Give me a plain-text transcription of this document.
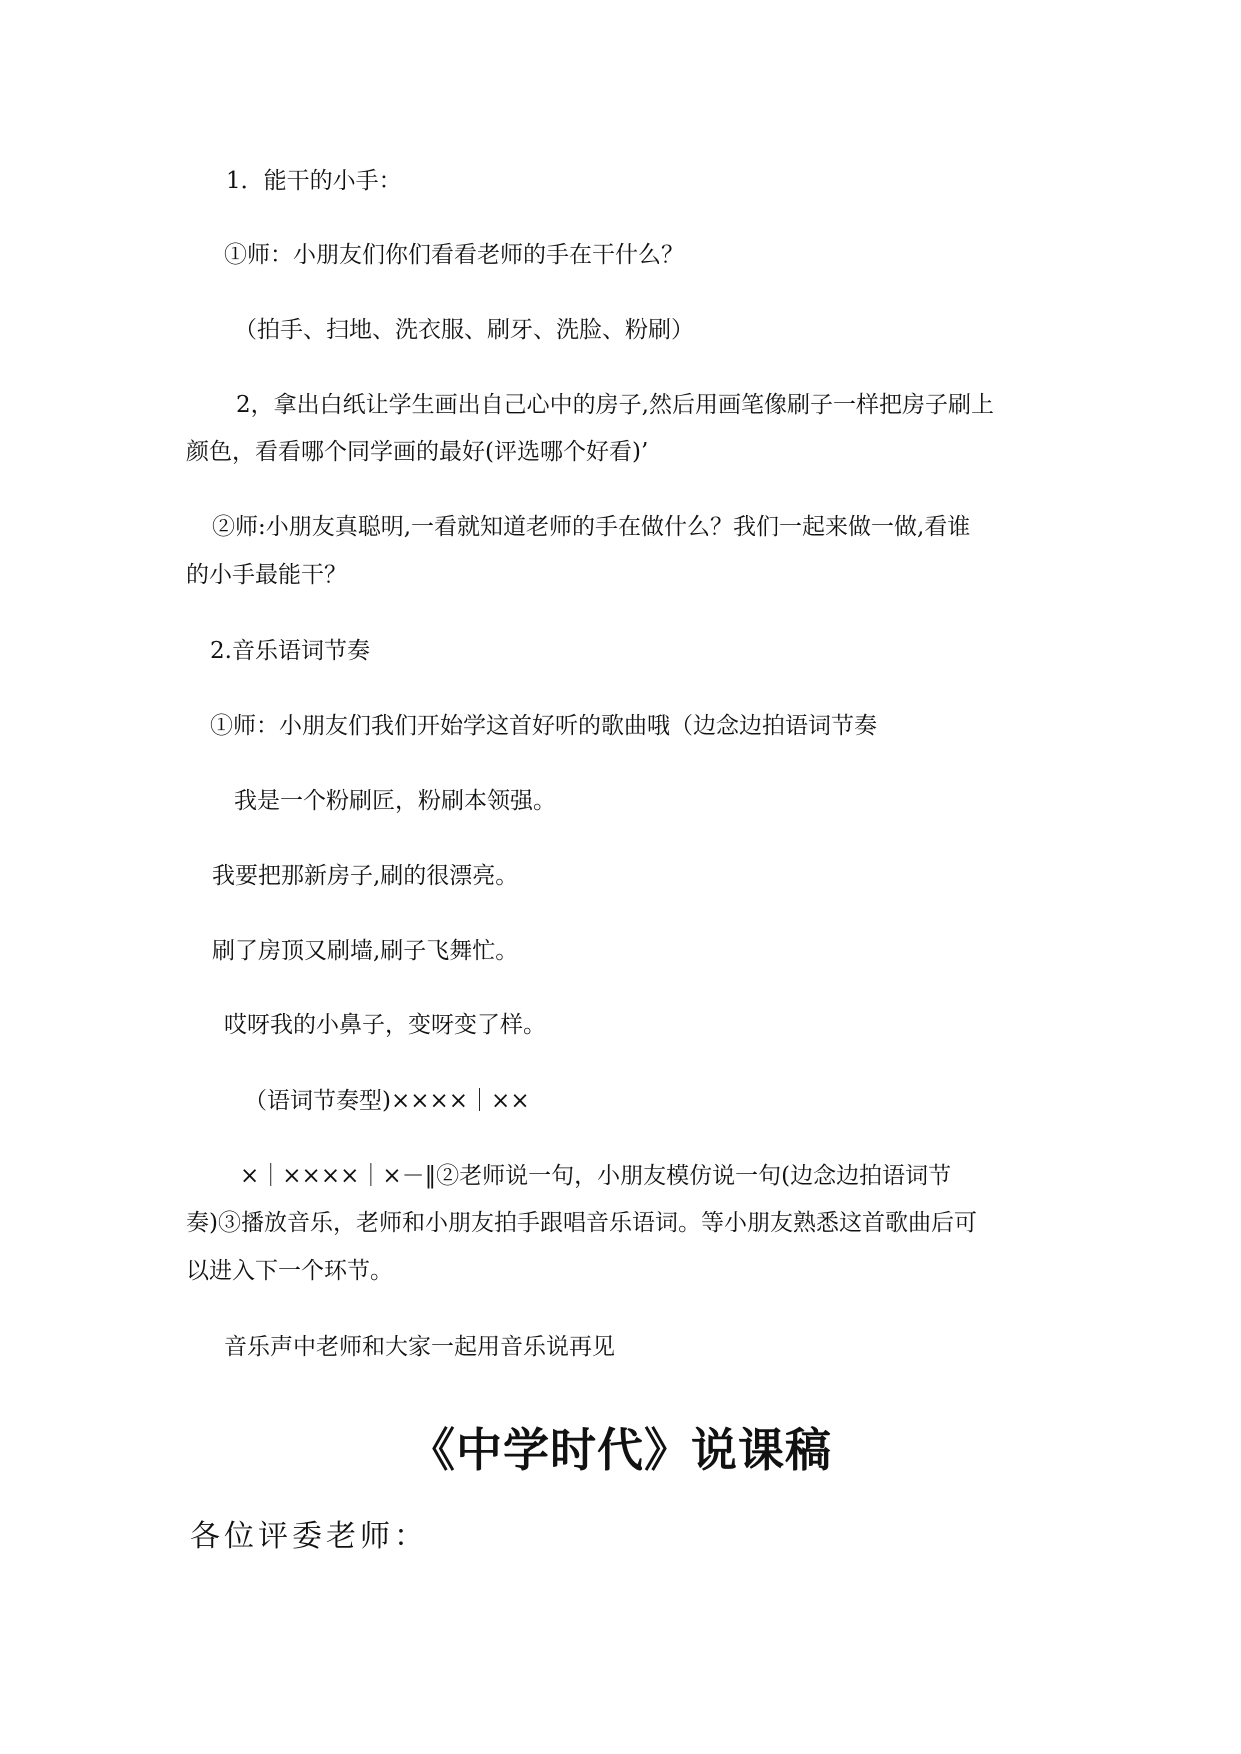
1．能干的小手：

①师：小朋友们你们看看老师的手在干什么？

（拍手、扫地、洗衣服、刷牙、洗脸、粉刷）

2，拿出白纸让学生画出自己心中的房子,然后用画笔像刷子一样把房子刷上

颜色，看看哪个同学画的最好(评选哪个好看)’

②师:小朋友真聪明,一看就知道老师的手在做什么？我们一起来做一做,看谁

的小手最能干？

2.音乐语词节奏

①师：小朋友们我们开始学这首好听的歌曲哦（边念边拍语词节奏

我是一个粉刷匠，粉刷本领强。

我要把那新房子,刷的很漂亮。

刷了房顶又刷墙,刷子飞舞忙。

哎呀我的小鼻子，变呀变了样。

（语词节奏型)××××｜××

×｜××××｜×－‖②老师说一句，小朋友模仿说一句(边念边拍语词节

奏)③播放音乐，老师和小朋友拍手跟唱音乐语词。等小朋友熟悉这首歌曲后可

以进入下一个环节。

音乐声中老师和大家一起用音乐说再见

《中学时代》说课稿

各位评委老师：
